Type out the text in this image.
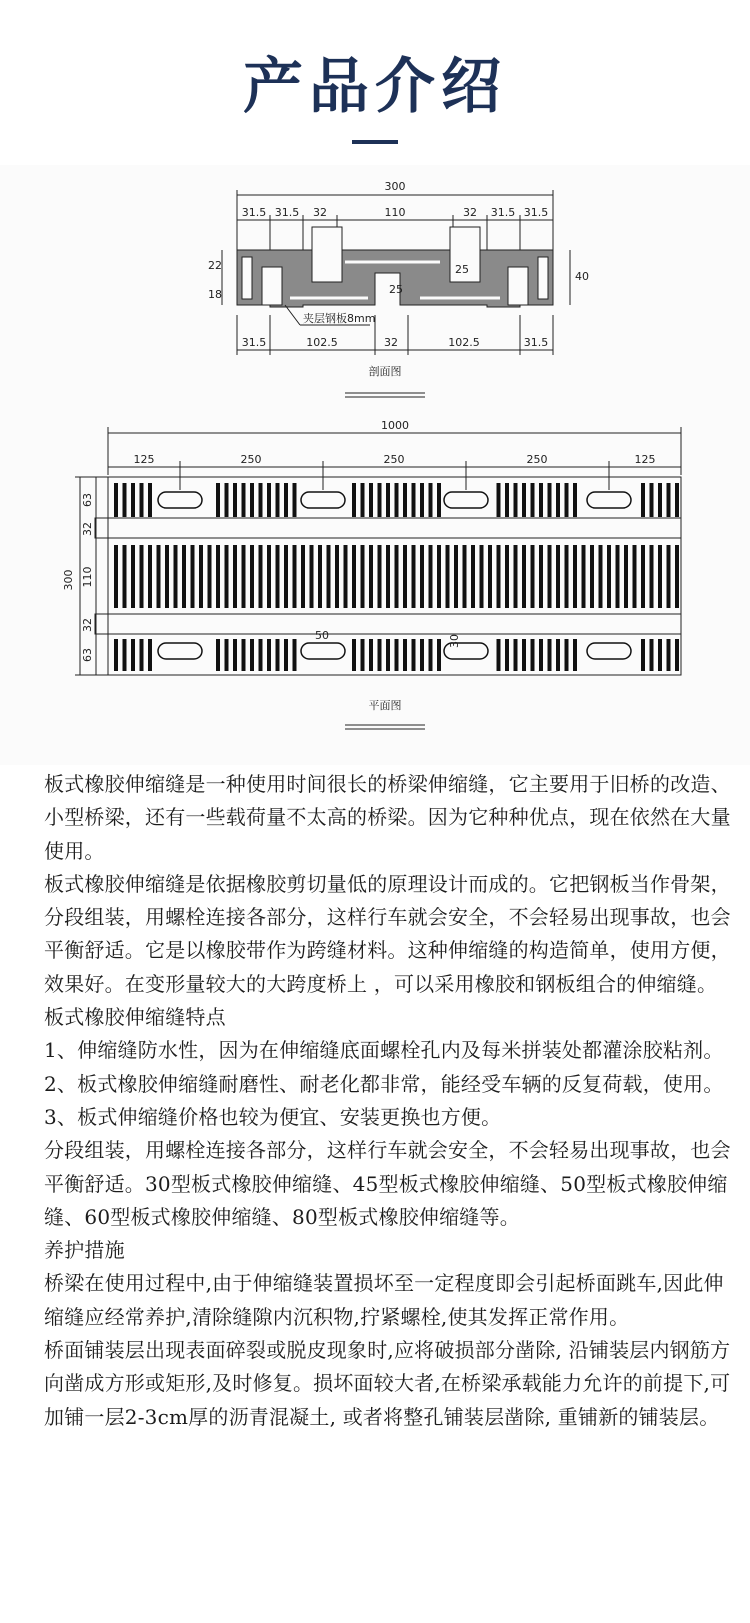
产品介绍
300
31.5 31.5 32	110	32 31.5 31.5
22
18
25
40
25
31.5	102.5	32	102.5	31.5
夹层钢板8mm
剖面图
1000
125	250	250	250	125
300
63
32
110
32
63
50	30
平面图

板式橡胶伸缩缝是一种使用时间很长的桥梁伸缩缝，它主要用于旧桥的改造、小型桥梁，还有一些载荷量不太高的桥梁。因为它种种优点，现在依然在大量使用。

板式橡胶伸缩缝是依据橡胶剪切量低的原理设计而成的。它把钢板当作骨架，分段组装，用螺栓连接各部分，这样行车就会安全，不会轻易出现事故，也会平衡舒适。它是以橡胶带作为跨缝材料。这种伸缩缝的构造简单，使用方便，效果好。在变形量较大的大跨度桥上 ，可以采用橡胶和钢板组合的伸缩缝。

板式橡胶伸缩缝特点

1、伸缩缝防水性，因为在伸缩缝底面螺栓孔内及每米拼装处都灌涂胶粘剂。

2、板式橡胶伸缩缝耐磨性、耐老化都非常，能经受车辆的反复荷载，使用。

3、板式伸缩缝价格也较为便宜、安装更换也方便。

分段组装，用螺栓连接各部分，这样行车就会安全，不会轻易出现事故，也会平衡舒适。30型板式橡胶伸缩缝、45型板式橡胶伸缩缝、50型板式橡胶伸缩缝、60型板式橡胶伸缩缝、80型板式橡胶伸缩缝等。

养护措施

桥梁在使用过程中,由于伸缩缝装置损坏至一定程度即会引起桥面跳车,因此伸缩缝应经常养护,清除缝隙内沉积物,拧紧螺栓,使其发挥正常作用。

桥面铺装层出现表面碎裂或脱皮现象时,应将破损部分凿除, 沿铺装层内钢筋方向凿成方形或矩形,及时修复。损坏面较大者,在桥梁承载能力允许的前提下,可加铺一层2-3cm厚的沥青混凝土, 或者将整孔铺装层凿除, 重铺新的铺装层。
